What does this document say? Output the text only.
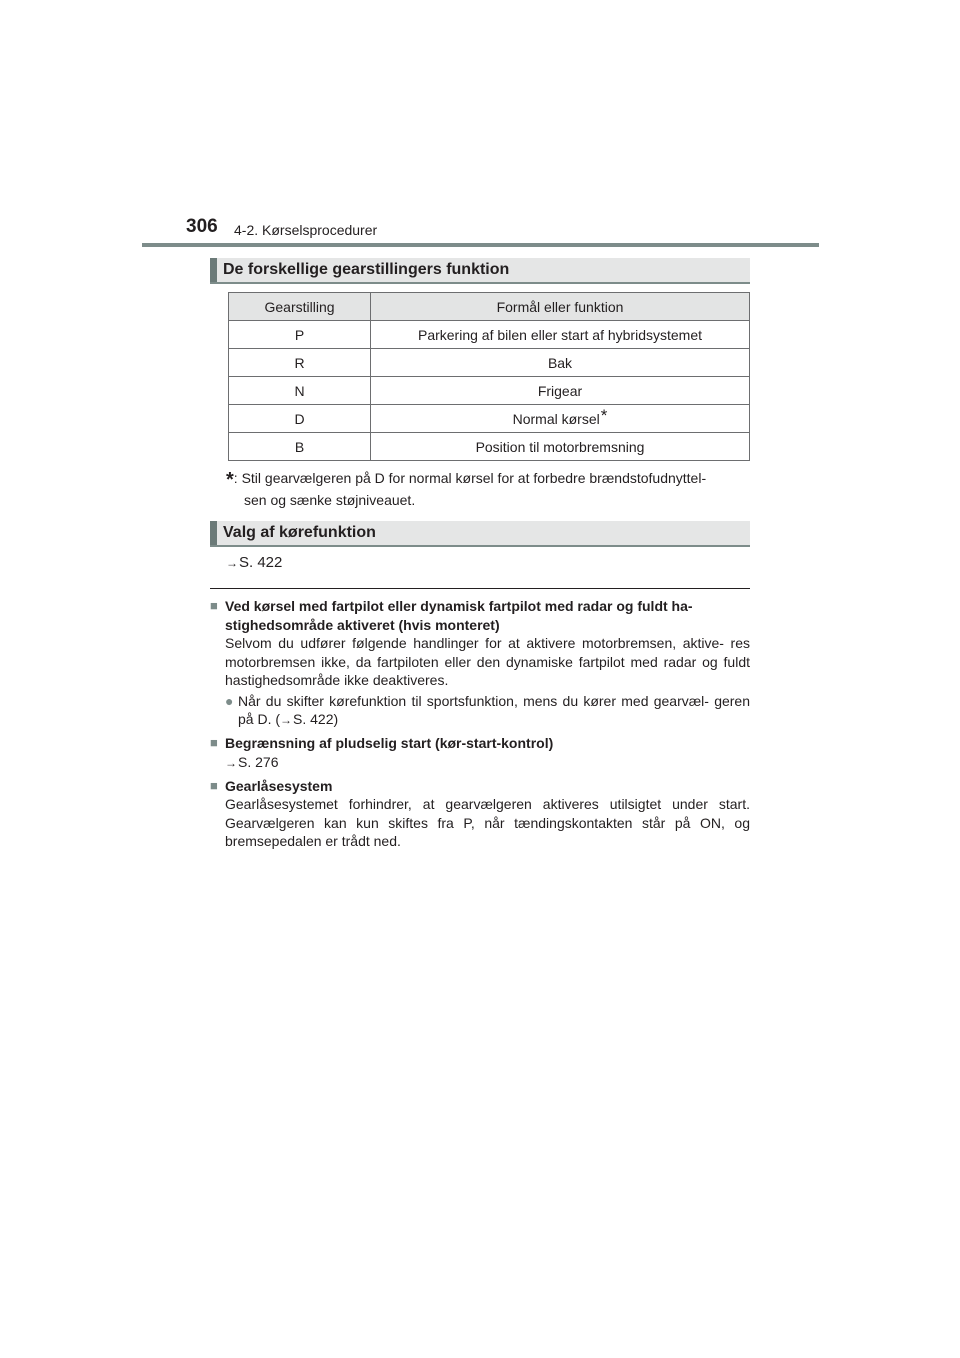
306 4-2. Kørselsprocedurer
De forskellige gearstillingers funktion
Gearstilling	Formål eller funktion
P	Parkering af bilen eller start af hybridsystemet
R	Bak
N	Frigear
D	Normal kørsel*
B	Position til motorbremsning
*: Stil gearvælgeren på D for normal kørsel for at forbedre brændstofudnyttel-
sen og sænke støjniveauet.
Valg af kørefunktion
→ S. 422
■ Ved kørsel med fartpilot eller dynamisk fartpilot med radar og fuldt ha-
stighedsområde aktiveret (hvis monteret)

Selvom du udfører følgende handlinger for at aktivere motorbremsen, aktive- res motorbremsen ikke, da fartpiloten eller den dynamiske fartpilot med radar og fuldt hastighedsområde ikke deaktiveres.

● Når du skifter kørefunktion til sportsfunktion, mens du kører med gearvæl- geren på D. (→ S. 422)
■ Begrænsning af pludselig start (kør-start-kontrol)
→ S. 276
■ Gearlåsesystem

Gearlåsesystemet forhindrer, at gearvælgeren aktiveres utilsigtet under start. Gearvælgeren kan kun skiftes fra P, når tændingskontakten står på ON, og bremsepedalen er trådt ned.
